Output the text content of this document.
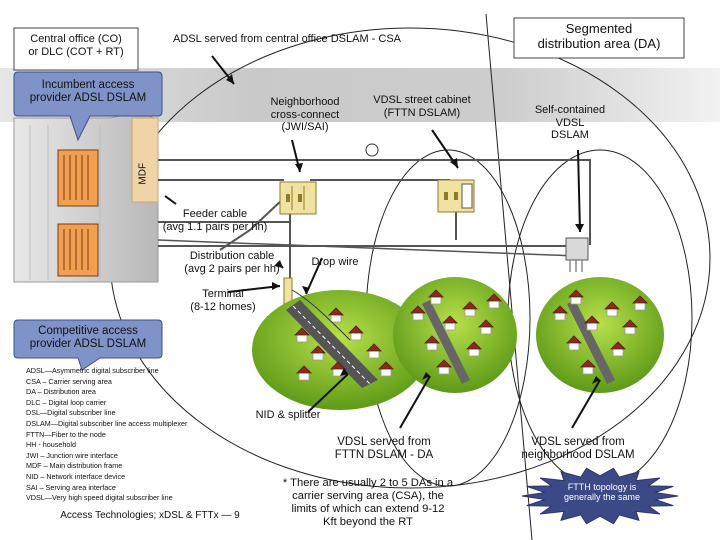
Central office (CO)
or DLC (COT + RT)
ADSL served from central office DSLAM - CSA
Segmented
distribution area (DA)
Incumbent access
provider ADSL DSLAM	Neighborhood
cross-connect
(JWI/SAI)
VDSL street cabinet
(FTTN DSLAM)	Self-contained
VDSL
DSLAM
MDF
Feeder cable
(avg 1.1 pairs per hh)
Distribution cable
(avg 2 pairs per hh)
Drop wire
Terminal
(8-12 homes)
Competitive access
provider ADSL DSLAM
NID & splitter
VDSL served from
FTTN DSLAM - DA
VDSL served from
neighborhood DSLAM
* There are usually 2 to 5 DAs in a
carrier serving area (CSA), the
limits of which can extend 9-12
Kft beyond the RT
FTTH topology is
generally the same
Access Technologies; xDSL & FTTx — 9
ADSL—Asymmetric digital subscriber line
CSA – Carrier serving area
DA – Distribution area
DLC – Digital loop carrier
DSL—Digital subscriber line
DSLAM—Digital subscriber line access multiplexer
FTTN—Fiber to the node
HH - household
JWI – Junction wire interface
MDF – Main distribution frame
NID – Network interface device
SAI – Serving area interface
VDSL—Very high speed digital subscriber line
